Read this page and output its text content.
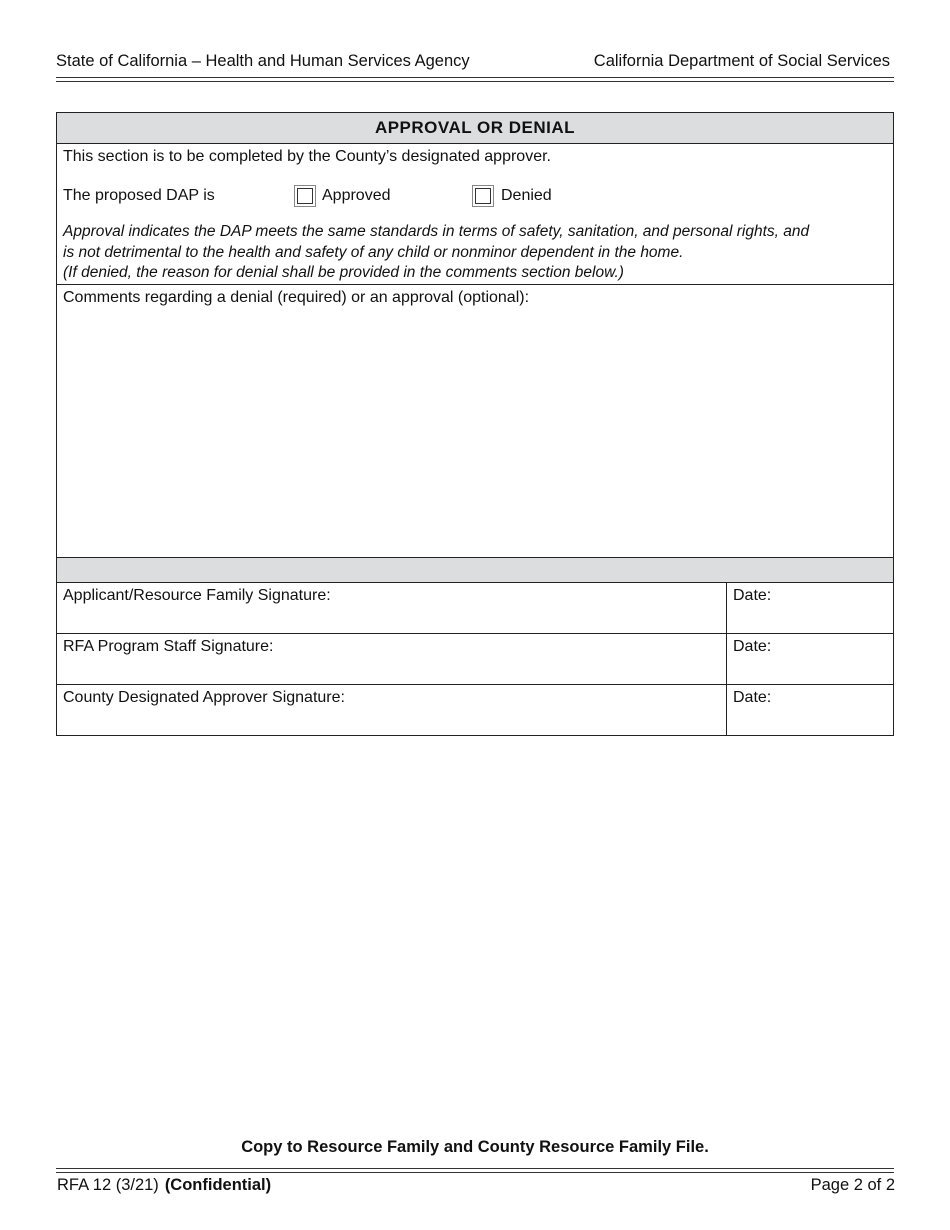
State of California – Health and Human Services Agency	California Department of Social Services
APPROVAL OR DENIAL
This section is to be completed by the County’s designated approver.
The proposed DAP is	Approved	Denied
Approval indicates the DAP meets the same standards in terms of safety, sanitation, and personal rights, and
is not detrimental to the health and safety of any child or nonminor dependent in the home.
(If denied, the reason for denial shall be provided in the comments section below.)
Comments regarding a denial (required) or an approval (optional):
Applicant/Resource Family Signature:	Date:
RFA Program Staff Signature:	Date:
County Designated Approver Signature:	Date:
Copy to Resource Family and County Resource Family File.
RFA 12 (3/21) (Confidential)	Page 2 of 2
